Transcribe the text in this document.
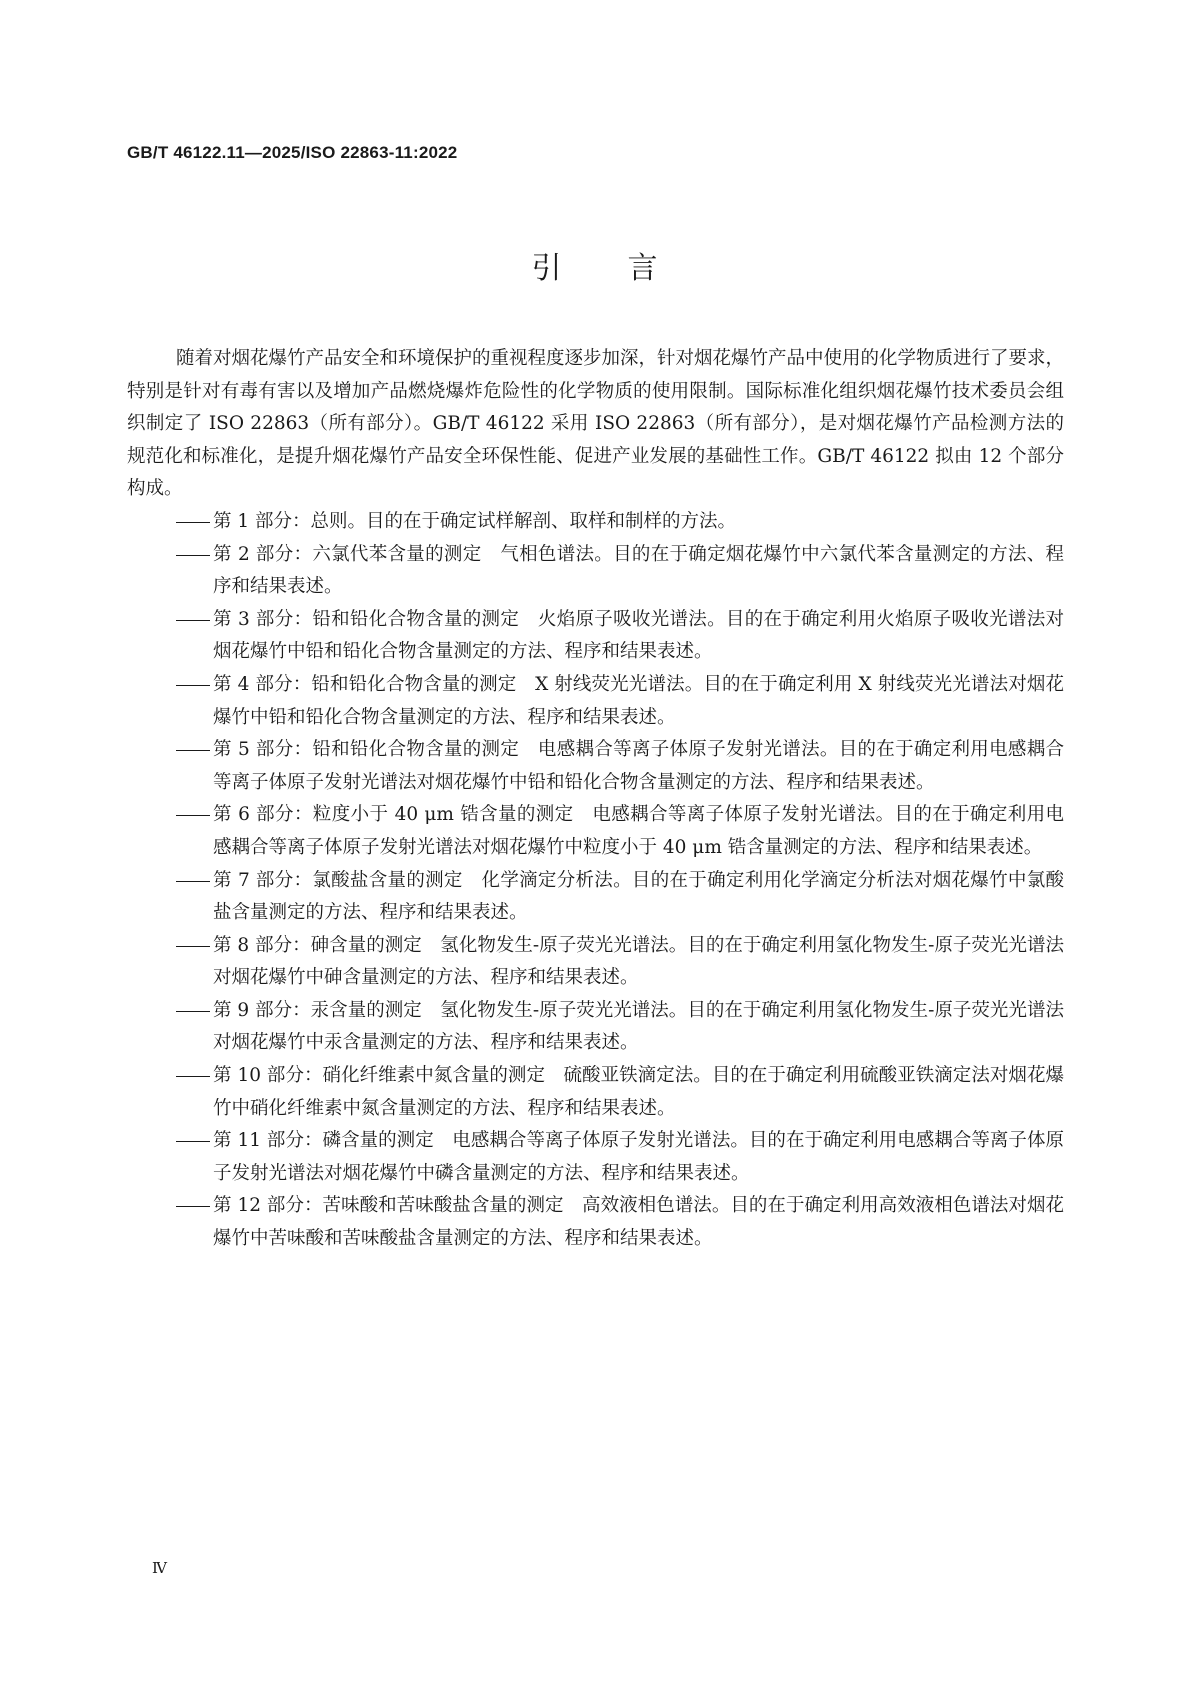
GB/T 46122.11—2025/ISO 22863-11:2022
引　　言

随着对烟花爆竹产品安全和环境保护的重视程度逐步加深，针对烟花爆竹产品中使用的化学物质进行了要求，特别是针对有毒有害以及增加产品燃烧爆炸危险性的化学物质的使用限制。国际标准化组织烟花爆竹技术委员会组织制定了 ISO 22863（所有部分）。GB/T 46122 采用 ISO 22863（所有部分），是对烟花爆竹产品检测方法的规范化和标准化，是提升烟花爆竹产品安全环保性能、促进产业发展的基础性工作。GB/T 46122 拟由 12 个部分构成。

第 1 部分：总则。目的在于确定试样解剖、取样和制样的方法。
第 2 部分：六氯代苯含量的测定　气相色谱法。目的在于确定烟花爆竹中六氯代苯含量测定的方法、程序和结果表述。
第 3 部分：铅和铅化合物含量的测定　火焰原子吸收光谱法。目的在于确定利用火焰原子吸收光谱法对烟花爆竹中铅和铅化合物含量测定的方法、程序和结果表述。
第 4 部分：铅和铅化合物含量的测定　X 射线荧光光谱法。目的在于确定利用 X 射线荧光光谱法对烟花爆竹中铅和铅化合物含量测定的方法、程序和结果表述。
第 5 部分：铅和铅化合物含量的测定　电感耦合等离子体原子发射光谱法。目的在于确定利用电感耦合等离子体原子发射光谱法对烟花爆竹中铅和铅化合物含量测定的方法、程序和结果表述。
第 6 部分：粒度小于 40 μm 锆含量的测定　电感耦合等离子体原子发射光谱法。目的在于确定利用电感耦合等离子体原子发射光谱法对烟花爆竹中粒度小于 40 μm 锆含量测定的方法、程序和结果表述。
第 7 部分：氯酸盐含量的测定　化学滴定分析法。目的在于确定利用化学滴定分析法对烟花爆竹中氯酸盐含量测定的方法、程序和结果表述。
第 8 部分：砷含量的测定　氢化物发生-原子荧光光谱法。目的在于确定利用氢化物发生-原子荧光光谱法对烟花爆竹中砷含量测定的方法、程序和结果表述。
第 9 部分：汞含量的测定　氢化物发生-原子荧光光谱法。目的在于确定利用氢化物发生-原子荧光光谱法对烟花爆竹中汞含量测定的方法、程序和结果表述。
第 10 部分：硝化纤维素中氮含量的测定　硫酸亚铁滴定法。目的在于确定利用硫酸亚铁滴定法对烟花爆竹中硝化纤维素中氮含量测定的方法、程序和结果表述。
第 11 部分：磷含量的测定　电感耦合等离子体原子发射光谱法。目的在于确定利用电感耦合等离子体原子发射光谱法对烟花爆竹中磷含量测定的方法、程序和结果表述。
第 12 部分：苦味酸和苦味酸盐含量的测定　高效液相色谱法。目的在于确定利用高效液相色谱法对烟花爆竹中苦味酸和苦味酸盐含量测定的方法、程序和结果表述。
Ⅳ
